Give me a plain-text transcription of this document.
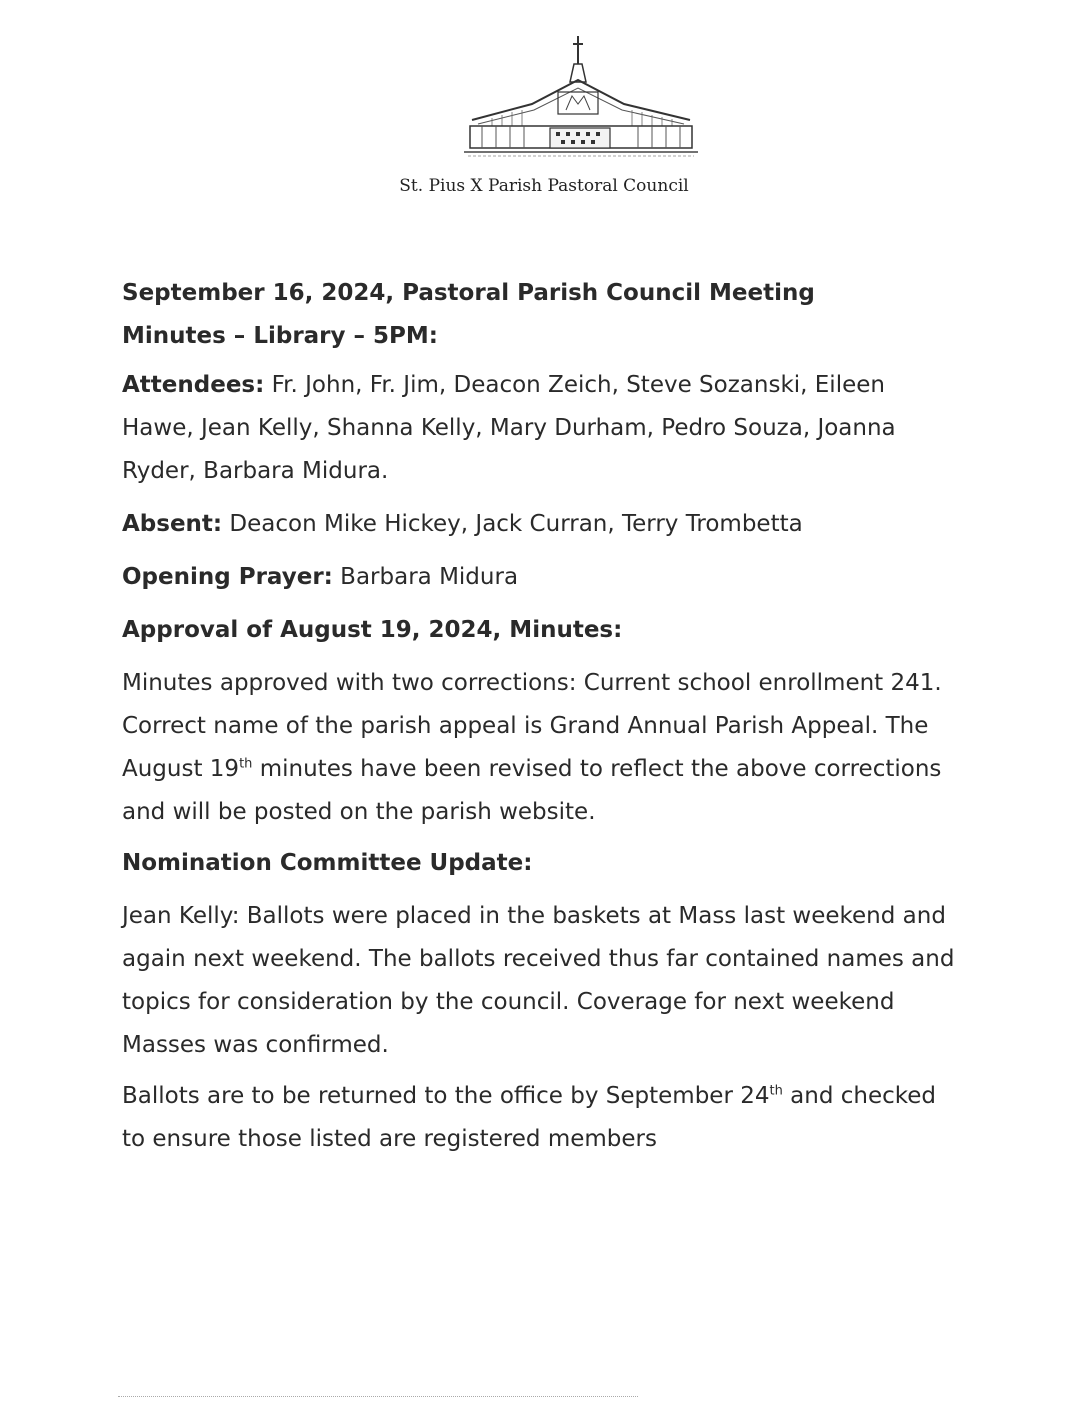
St. Pius X Parish Pastoral Council
September 16, 2024, Pastoral Parish Council Meeting
Minutes – Library – 5PM:

Attendees: Fr. John, Fr. Jim, Deacon Zeich, Steve Sozanski, Eileen Hawe, Jean Kelly, Shanna Kelly, Mary Durham, Pedro Souza, Joanna Ryder, Barbara Midura.

Absent: Deacon Mike Hickey, Jack Curran, Terry Trombetta

Opening Prayer: Barbara Midura

Approval of August 19, 2024, Minutes:

Minutes approved with two corrections: Current school enrollment 241. Correct name of the parish appeal is Grand Annual Parish Appeal. The August 19th minutes have been revised to reflect the above corrections and will be posted on the parish website.

Nomination Committee Update:

Jean Kelly: Ballots were placed in the baskets at Mass last weekend and again next weekend. The ballots received thus far contained names and topics for consideration by the council. Coverage for next weekend Masses was confirmed.

Ballots are to be returned to the office by September 24th and checked to ensure those listed are registered members
